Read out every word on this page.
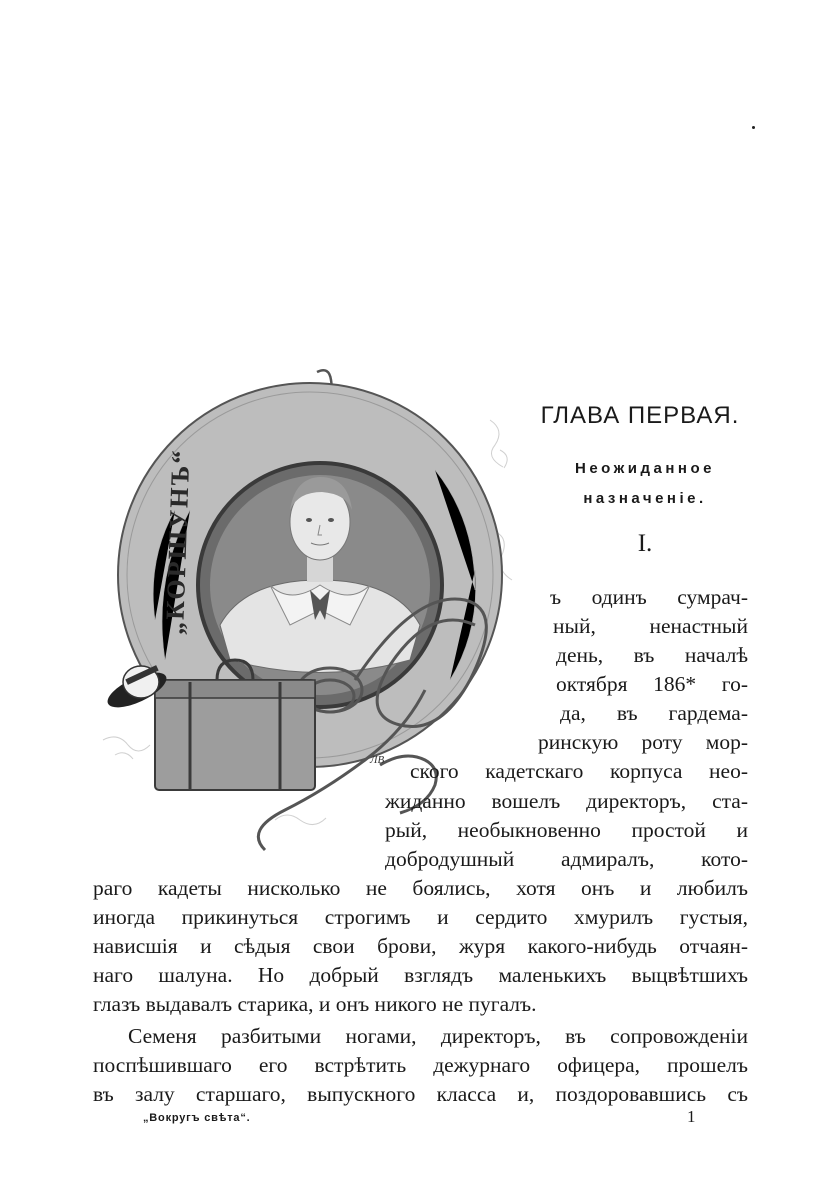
„КОРШУНЪ“
ЛВ
ГЛАВА ПЕРВАЯ.
Неожиданное
назначенiе.
I.
ъ одинъ сумрач-
ный, ненастный
день, въ началѣ
октября 186* го-
да, въ гардема-
ринскую роту мор-
ского кадетскаго корпуса нео-
жиданно вошелъ директоръ, ста-
рый, необыкновенно простой и
добродушный адмиралъ, кото-
раго кадеты нисколько не боялись, хотя онъ и любилъ
иногда прикинуться строгимъ и сердито хмурилъ густыя,
нависшiя и сѣдыя свои брови, журя какого-нибудь отчаян-
наго шалуна. Но добрый взглядъ маленькихъ выцвѣтшихъ
глазъ выдавалъ старика, и онъ никого не пугалъ.
Семеня разбитыми ногами, директоръ, въ сопровожденiи
поспѣшившаго его встрѣтить дежурнаго офицера, прошелъ
въ залу старшаго, выпускного класса и, поздоровавшись съ
„Вокругъ свѣта“.	1
